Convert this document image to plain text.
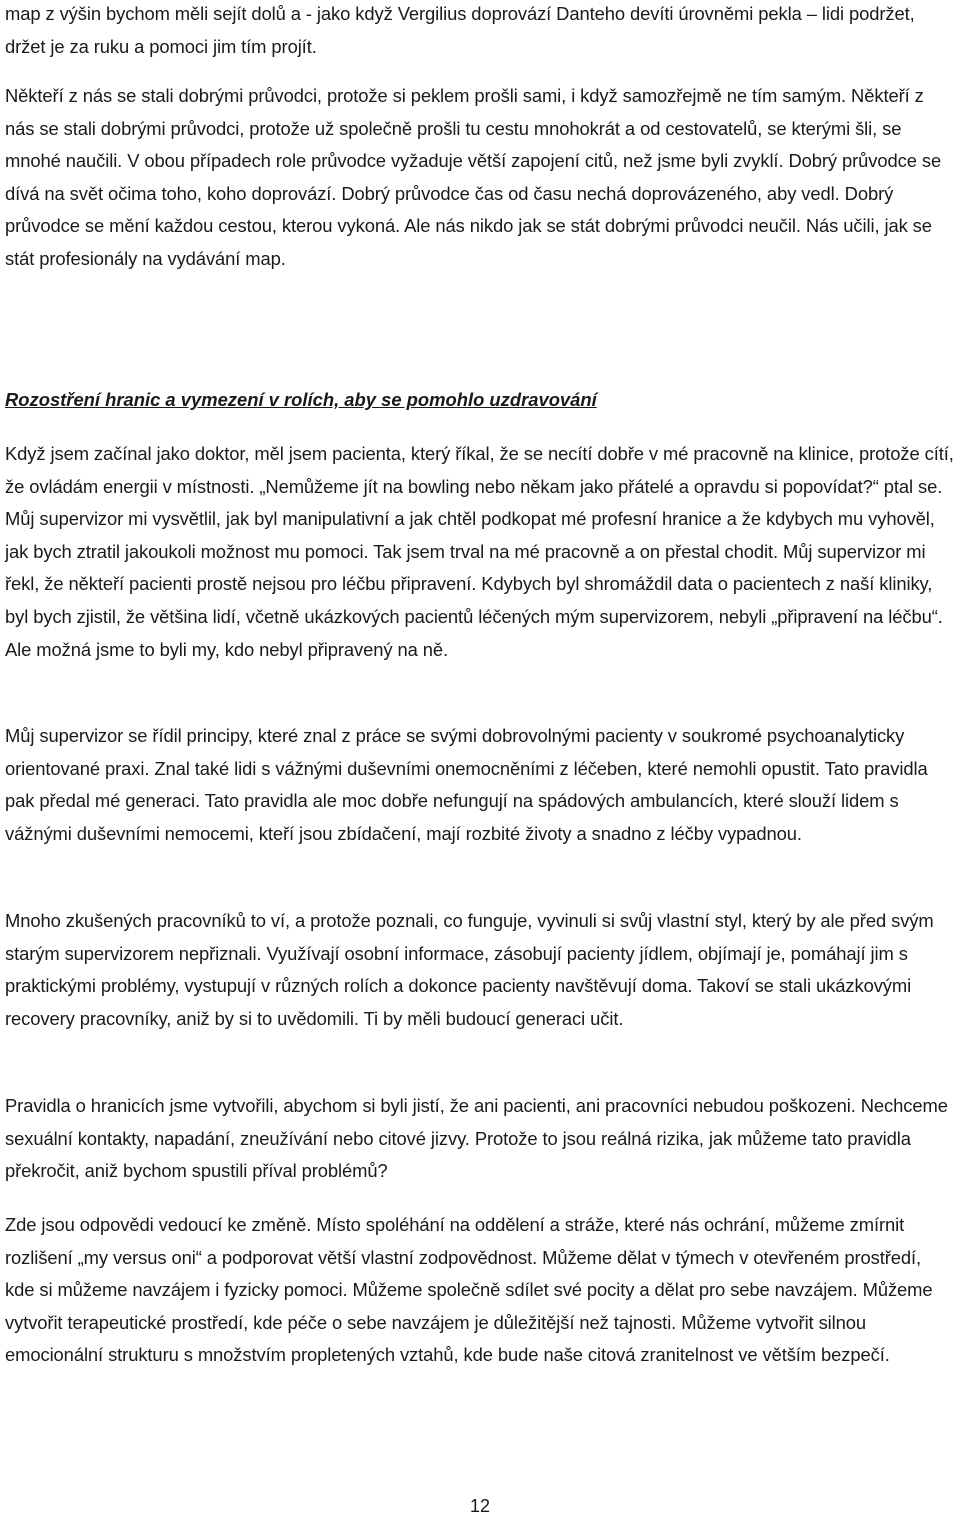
map z výšin bychom měli sejít dolů a - jako když Vergilius doprovází Danteho devíti úrovněmi pekla – lidi podržet, držet je za ruku a pomoci jim tím projít.

Někteří z nás se stali dobrými průvodci, protože si peklem prošli sami, i když samozřejmě ne tím samým. Někteří z nás se stali dobrými průvodci, protože už společně prošli tu cestu mnohokrát a od cestovatelů, se kterými šli, se mnohé naučili. V obou případech role průvodce vyžaduje větší zapojení citů, než jsme byli zvyklí. Dobrý průvodce se dívá na svět očima toho, koho doprovází. Dobrý průvodce čas od času nechá doprovázeného, aby vedl. Dobrý průvodce se mění každou cestou, kterou vykoná. Ale nás nikdo jak se stát dobrými průvodci neučil. Nás učili, jak se stát profesionály na vydávání map.

Rozostření hranic a vymezení v rolích, aby se pomohlo uzdravování

Když jsem začínal jako doktor, měl jsem pacienta, který říkal, že se necítí dobře v mé pracovně na klinice, protože cítí, že ovládám energii v místnosti. „Nemůžeme jít na bowling nebo někam jako přátelé a opravdu si popovídat?“ ptal se. Můj supervizor mi vysvětlil, jak byl manipulativní a jak chtěl podkopat mé profesní hranice a že kdybych mu vyhověl, jak bych ztratil jakoukoli možnost mu pomoci. Tak jsem trval na mé pracovně a on přestal chodit. Můj supervizor mi řekl, že někteří pacienti prostě nejsou pro léčbu připravení. Kdybych byl shromáždil data o pacientech z naší kliniky, byl bych zjistil, že většina lidí, včetně ukázkových pacientů léčených mým supervizorem, nebyli „připravení na léčbu“. Ale možná jsme to byli my, kdo nebyl připravený na ně.

Můj supervizor se řídil principy, které znal z práce se svými dobrovolnými pacienty v soukromé psychoanalyticky orientované praxi. Znal také lidi s vážnými duševními onemocněními z léčeben, které nemohli opustit. Tato pravidla pak předal mé generaci. Tato pravidla ale moc dobře nefungují na spádových ambulancích, které slouží lidem s vážnými duševními nemocemi, kteří jsou zbídačení, mají rozbité životy a snadno z léčby vypadnou.

Mnoho zkušených pracovníků to ví, a protože poznali, co funguje, vyvinuli si svůj vlastní styl, který by ale před svým starým supervizorem nepřiznali. Využívají osobní informace, zásobují pacienty jídlem, objímají je, pomáhají jim s praktickými problémy, vystupují v různých rolích a dokonce pacienty navštěvují doma. Takoví se stali ukázkovými recovery pracovníky, aniž by si to uvědomili. Ti by měli budoucí generaci učit.

Pravidla o hranicích jsme vytvořili, abychom si byli jistí, že ani pacienti, ani pracovníci nebudou poškozeni. Nechceme sexuální kontakty, napadání, zneužívání nebo citové jizvy. Protože to jsou reálná rizika, jak můžeme tato pravidla překročit, aniž bychom spustili příval problémů?

Zde jsou odpovědi vedoucí ke změně. Místo spoléhání na oddělení a stráže, které nás ochrání, můžeme zmírnit rozlišení „my versus oni“ a podporovat větší vlastní zodpovědnost. Můžeme dělat v týmech v otevřeném prostředí, kde si můžeme navzájem i fyzicky pomoci. Můžeme společně sdílet své pocity a dělat pro sebe navzájem. Můžeme vytvořit terapeutické prostředí, kde péče o sebe navzájem je důležitější než tajnosti. Můžeme vytvořit silnou emocionální strukturu s množstvím propletených vztahů, kde bude naše citová zranitelnost ve větším bezpečí.

12
